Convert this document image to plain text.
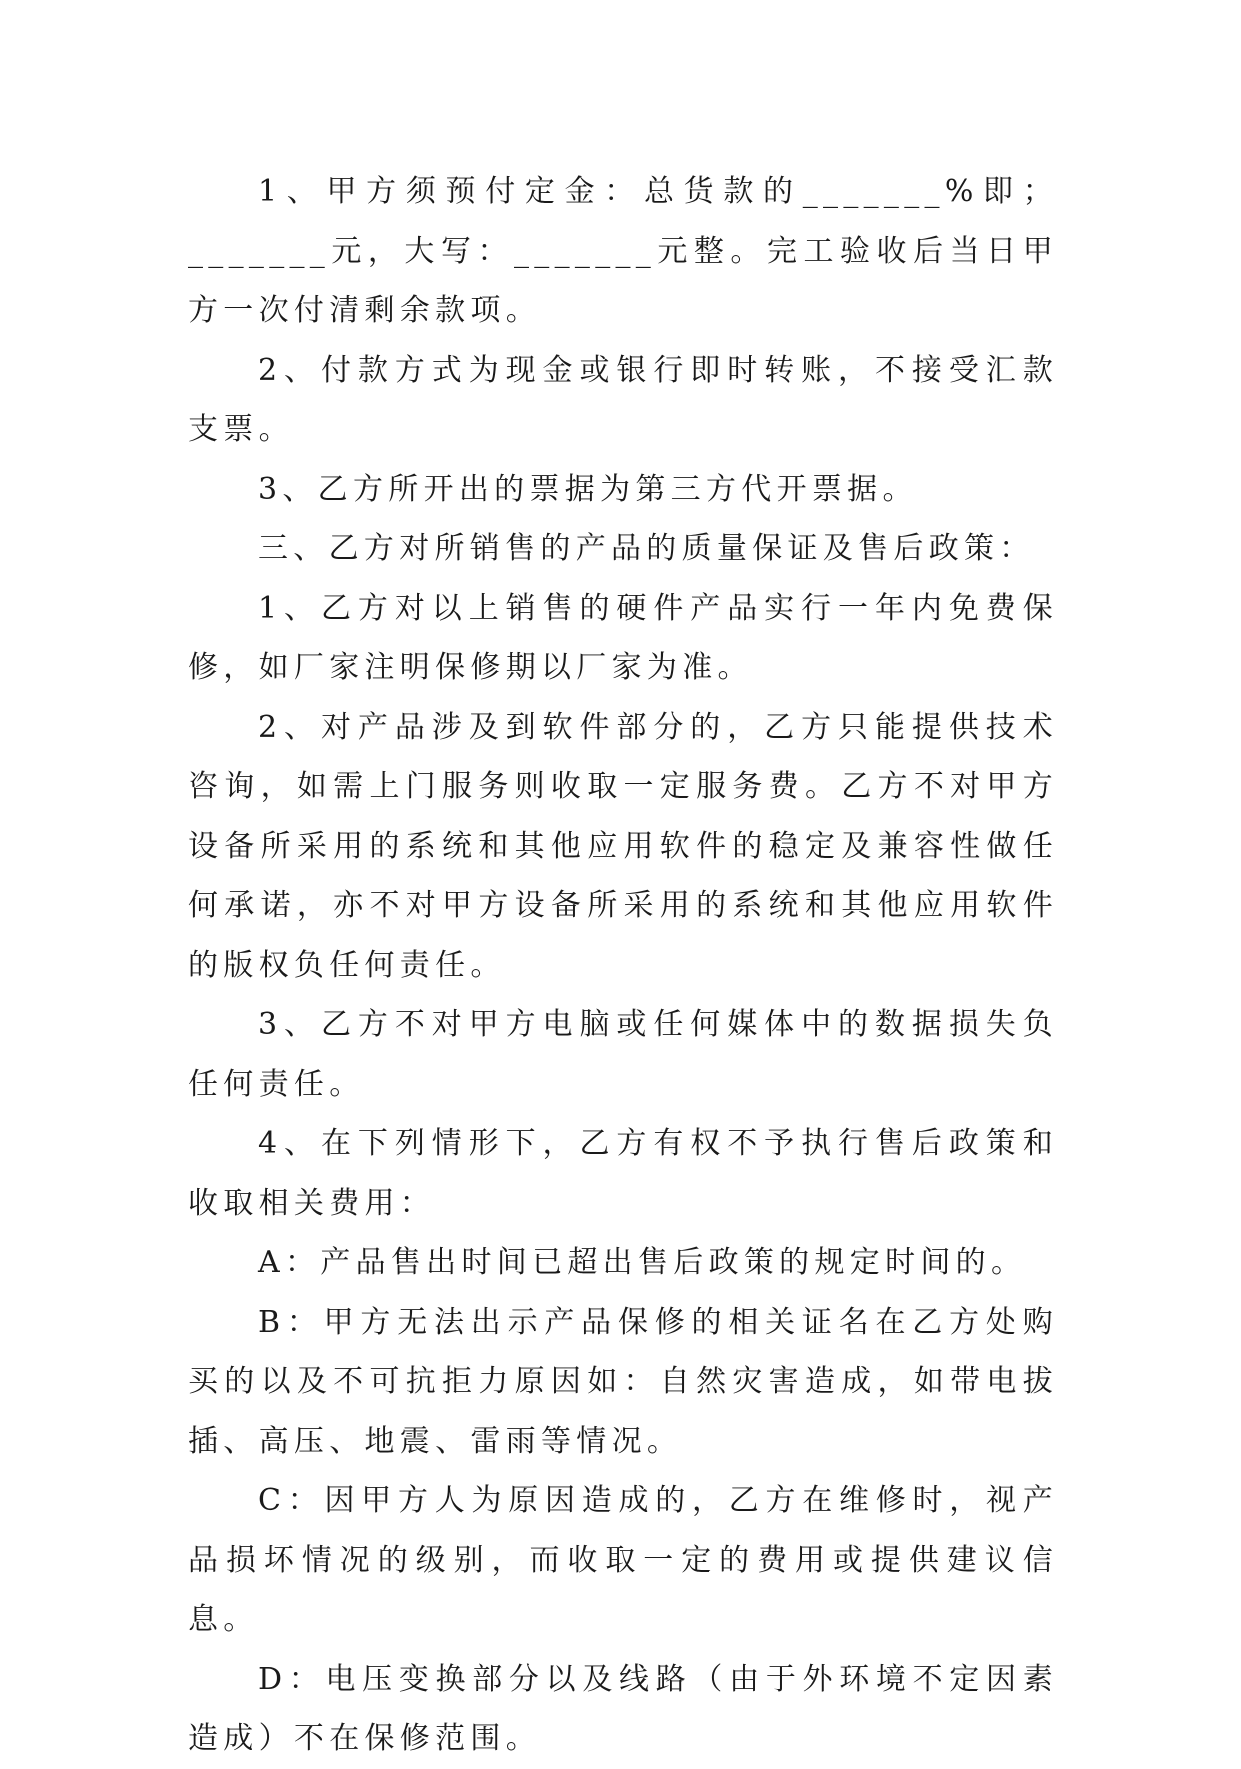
1、甲方须预付定金：总货款的_______%即；_______元，大写：_______元整。完工验收后当日甲方一次付清剩余款项。

2、付款方式为现金或银行即时转账，不接受汇款支票。

3、乙方所开出的票据为第三方代开票据。

三、乙方对所销售的产品的质量保证及售后政策：

1、乙方对以上销售的硬件产品实行一年内免费保修，如厂家注明保修期以厂家为准。

2、对产品涉及到软件部分的，乙方只能提供技术咨询，如需上门服务则收取一定服务费。乙方不对甲方设备所采用的系统和其他应用软件的稳定及兼容性做任何承诺，亦不对甲方设备所采用的系统和其他应用软件的版权负任何责任。

3、乙方不对甲方电脑或任何媒体中的数据损失负任何责任。

4、在下列情形下，乙方有权不予执行售后政策和收取相关费用：

A：产品售出时间已超出售后政策的规定时间的。

B：甲方无法出示产品保修的相关证名在乙方处购买的以及不可抗拒力原因如：自然灾害造成，如带电拔插、高压、地震、雷雨等情况。

C：因甲方人为原因造成的，乙方在维修时，视产品损坏情况的级别，而收取一定的费用或提供建议信息。

D：电压变换部分以及线路（由于外环境不定因素造成）不在保修范围。
